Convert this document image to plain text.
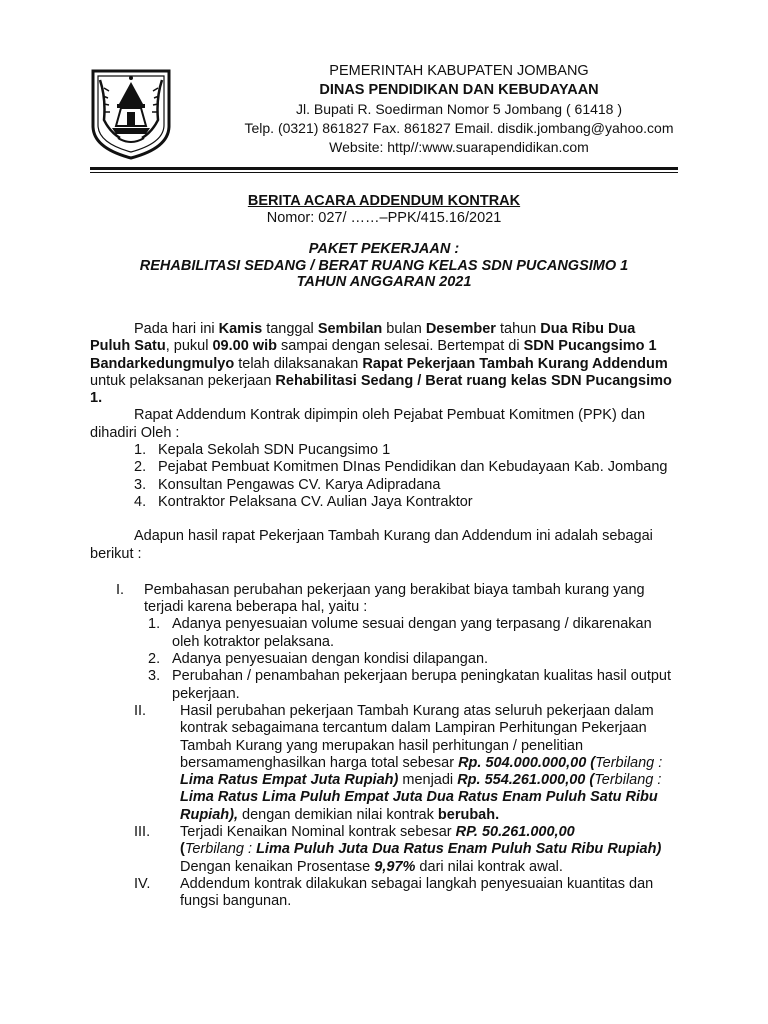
PEMERINTAH KABUPATEN JOMBANG
DINAS PENDIDIKAN DAN KEBUDAYAAN
Jl. Bupati R. Soedirman Nomor 5 Jombang ( 61418 )
Telp. (0321) 861827 Fax. 861827 Email. disdik.jombang@yahoo.com
Website: http//:www.suarapendidikan.com
BERITA ACARA ADDENDUM KONTRAK
Nomor: 027/ ……–PPK/415.16/2021
PAKET PEKERJAAN :
REHABILITASI SEDANG / BERAT RUANG KELAS SDN PUCANGSIMO 1
TAHUN ANGGARAN 2021

Pada hari ini Kamis tanggal Sembilan bulan Desember tahun Dua Ribu Dua Puluh Satu, pukul 09.00 wib sampai dengan selesai. Bertempat di SDN Pucangsimo 1 Bandarkedungmulyo telah dilaksanakan Rapat Pekerjaan Tambah Kurang Addendum untuk pelaksanan pekerjaan Rehabilitasi Sedang / Berat ruang kelas SDN Pucangsimo 1.

Rapat Addendum Kontrak dipimpin oleh Pejabat Pembuat Komitmen (PPK) dan dihadiri Oleh :

1. Kepala Sekolah SDN Pucangsimo 1
2. Pejabat Pembuat Komitmen DInas Pendidikan dan Kebudayaan Kab. Jombang
3. Konsultan Pengawas CV. Karya Adipradana
4. Kontraktor Pelaksana CV. Aulian Jaya Kontraktor

Adapun hasil rapat Pekerjaan Tambah Kurang dan Addendum ini adalah sebagai berikut :

I. Pembahasan perubahan pekerjaan yang berakibat biaya tambah kurang yang terjadi karena beberapa hal, yaitu :
1. Adanya penyesuaian volume sesuai dengan yang terpasang / dikarenakan oleh kotraktor pelaksana.
2. Adanya penyesuaian dengan kondisi dilapangan.
3. Perubahan / penambahan pekerjaan berupa peningkatan kualitas hasil output pekerjaan.
II. Hasil perubahan pekerjaan Tambah Kurang atas seluruh pekerjaan dalam kontrak sebagaimana tercantum dalam Lampiran Perhitungan Pekerjaan Tambah Kurang yang merupakan hasil perhitungan / penelitian bersamamenghasilkan harga total sebesar Rp. 504.000.000,00 (Terbilang : Lima Ratus Empat Juta Rupiah) menjadi Rp. 554.261.000,00 (Terbilang : Lima Ratus Lima Puluh Empat Juta Dua Ratus Enam Puluh Satu Ribu Rupiah), dengan demikian nilai kontrak berubah.
III. Terjadi Kenaikan Nominal kontrak sebesar RP. 50.261.000,00
(Terbilang : Lima Puluh Juta Dua Ratus Enam Puluh Satu Ribu Rupiah) Dengan kenaikan Prosentase 9,97% dari nilai kontrak awal.
IV. Addendum kontrak dilakukan sebagai langkah penyesuaian kuantitas dan fungsi bangunan.
